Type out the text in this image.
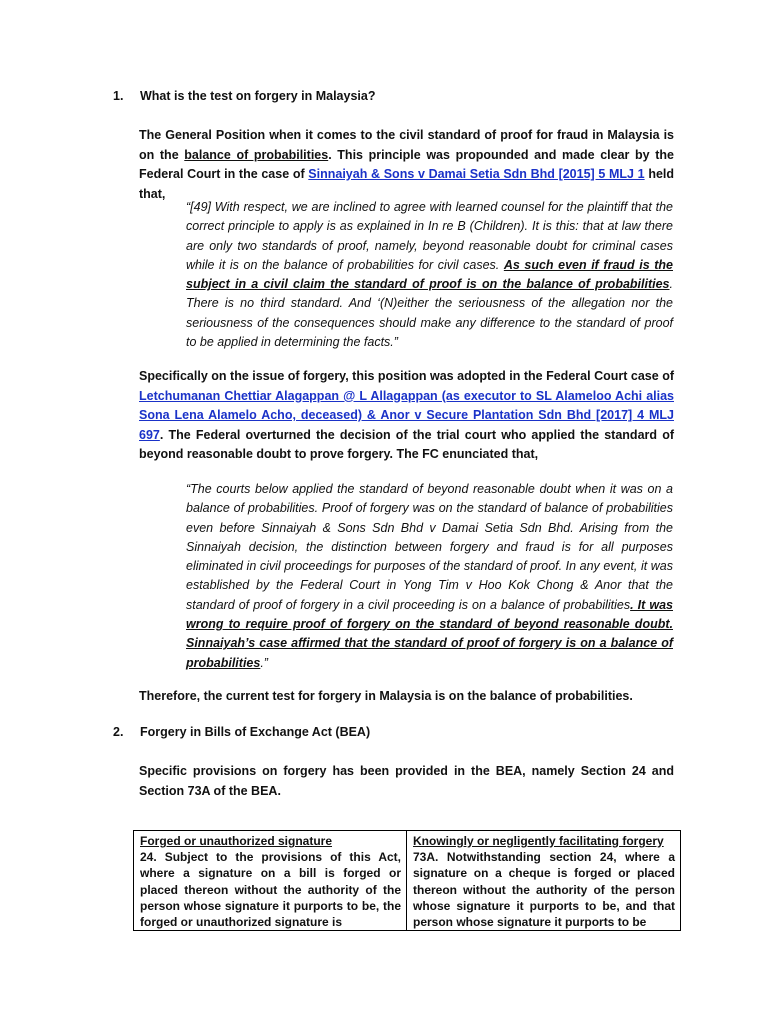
1. What is the test on forgery in Malaysia?
The General Position when it comes to the civil standard of proof for fraud in Malaysia is on the balance of probabilities. This principle was propounded and made clear by the Federal Court in the case of Sinnaiyah & Sons v Damai Setia Sdn Bhd [2015] 5 MLJ 1 held that,
“[49] With respect, we are inclined to agree with learned counsel for the plaintiff that the correct principle to apply is as explained in In re B (Children). It is this: that at law there are only two standards of proof, namely, beyond reasonable doubt for criminal cases while it is on the balance of probabilities for civil cases. As such even if fraud is the subject in a civil claim the standard of proof is on the balance of probabilities. There is no third standard. And ‘(N)either the seriousness of the allegation nor the seriousness of the consequences should make any difference to the standard of proof to be applied in determining the facts.”
Specifically on the issue of forgery, this position was adopted in the Federal Court case of Letchumanan Chettiar Alagappan @ L Allagappan (as executor to SL Alameloo Achi alias Sona Lena Alamelo Acho, deceased) & Anor v Secure Plantation Sdn Bhd [2017] 4 MLJ 697. The Federal overturned the decision of the trial court who applied the standard of beyond reasonable doubt to prove forgery. The FC enunciated that,
“The courts below applied the standard of beyond reasonable doubt when it was on a balance of probabilities. Proof of forgery was on the standard of balance of probabilities even before Sinnaiyah & Sons Sdn Bhd v Damai Setia Sdn Bhd. Arising from the Sinnaiyah decision, the distinction between forgery and fraud is for all purposes eliminated in civil proceedings for purposes of the standard of proof. In any event, it was established by the Federal Court in Yong Tim v Hoo Kok Chong & Anor that the standard of proof of forgery in a civil proceeding is on a balance of probabilities. It was wrong to require proof of forgery on the standard of beyond reasonable doubt. Sinnaiyah’s case affirmed that the standard of proof of forgery is on a balance of probabilities.”
Therefore, the current test for forgery in Malaysia is on the balance of probabilities.
2. Forgery in Bills of Exchange Act (BEA)
Specific provisions on forgery has been provided in the BEA, namely Section 24 and Section 73A of the BEA.
Forged or unauthorized signature
24. Subject to the provisions of this Act, where a signature on a bill is forged or placed thereon without the authority of the person whose signature it purports to be, the forged or unauthorized signature is
Knowingly or negligently facilitating forgery
73A. Notwithstanding section 24, where a signature on a cheque is forged or placed thereon without the authority of the person whose signature it purports to be, and that person whose signature it purports to be
